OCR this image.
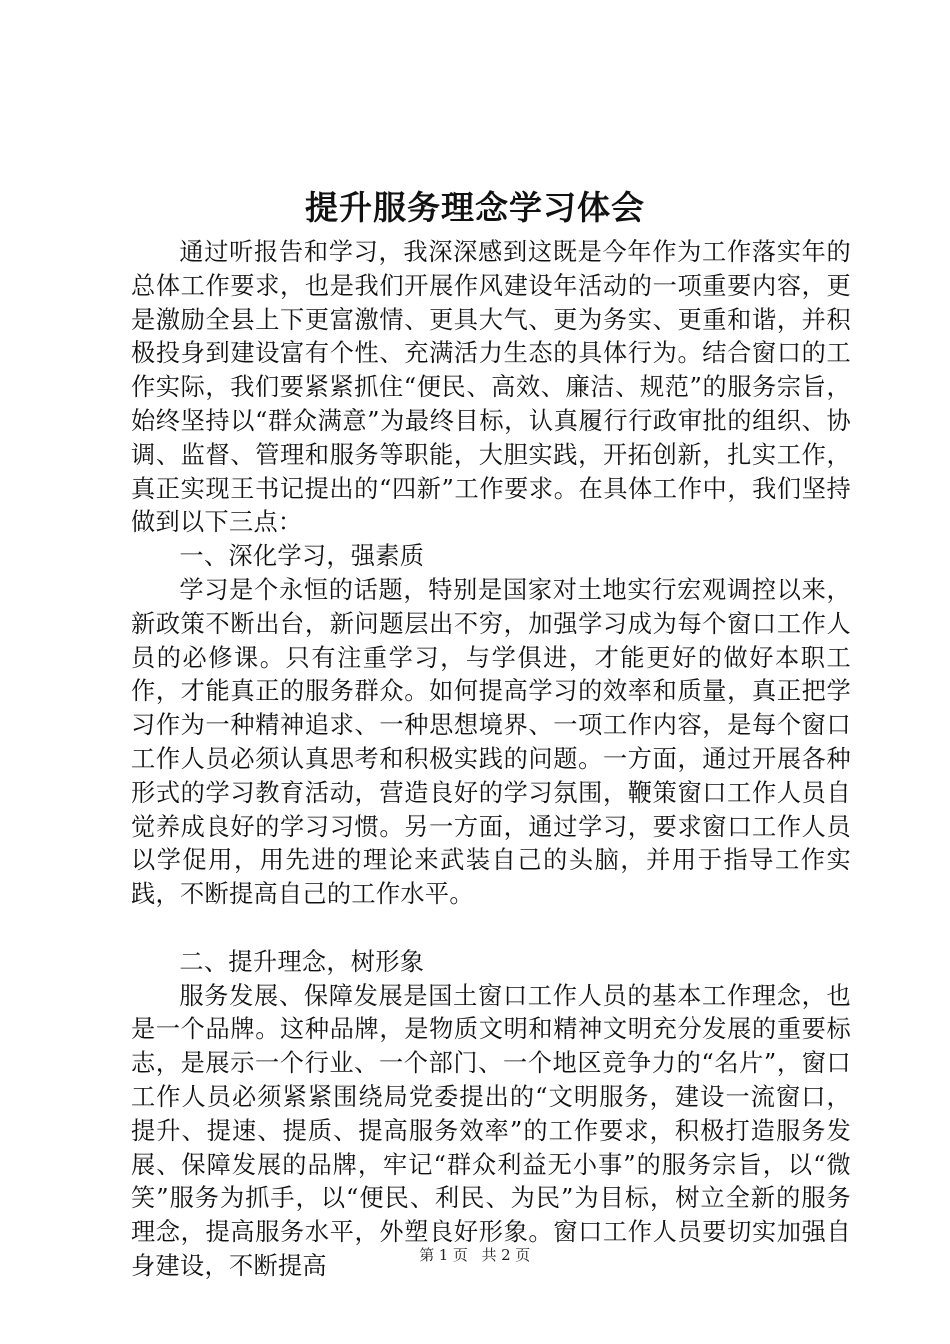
提升服务理念学习体会

通过听报告和学习，我深深感到这既是今年作为工作落实年的总体工作要求，也是我们开展作风建设年活动的一项重要内容，更是激励全县上下更富激情、更具大气、更为务实、更重和谐，并积极投身到建设富有个性、充满活力生态的具体行为。结合窗口的工作实际，我们要紧紧抓住“便民、高效、廉洁、规范”的服务宗旨，始终坚持以“群众满意”为最终目标，认真履行行政审批的组织、协调、监督、管理和服务等职能，大胆实践，开拓创新，扎实工作，真正实现王书记提出的“四新”工作要求。在具体工作中，我们坚持做到以下三点：

一、深化学习，强素质

学习是个永恒的话题，特别是国家对土地实行宏观调控以来，新政策不断出台，新问题层出不穷，加强学习成为每个窗口工作人员的必修课。只有注重学习，与学俱进，才能更好的做好本职工作，才能真正的服务群众。如何提高学习的效率和质量，真正把学习作为一种精神追求、一种思想境界、一项工作内容，是每个窗口工作人员必须认真思考和积极实践的问题。一方面，通过开展各种形式的学习教育活动，营造良好的学习氛围，鞭策窗口工作人员自觉养成良好的学习习惯。另一方面，通过学习，要求窗口工作人员以学促用，用先进的理论来武装自己的头脑，并用于指导工作实践，不断提高自己的工作水平。

二、提升理念，树形象

服务发展、保障发展是国土窗口工作人员的基本工作理念，也是一个品牌。这种品牌，是物质文明和精神文明充分发展的重要标志，是展示一个行业、一个部门、一个地区竞争力的“名片”，窗口工作人员必须紧紧围绕局党委提出的“文明服务，建设一流窗口，提升、提速、提质、提高服务效率”的工作要求，积极打造服务发展、保障发展的品牌，牢记“群众利益无小事”的服务宗旨，以“微笑”服务为抓手，以“便民、利民、为民”为目标，树立全新的服务理念，提高服务水平，外塑良好形象。窗口工作人员要切实加强自身建设，不断提高	第 1 页 共 2 页
